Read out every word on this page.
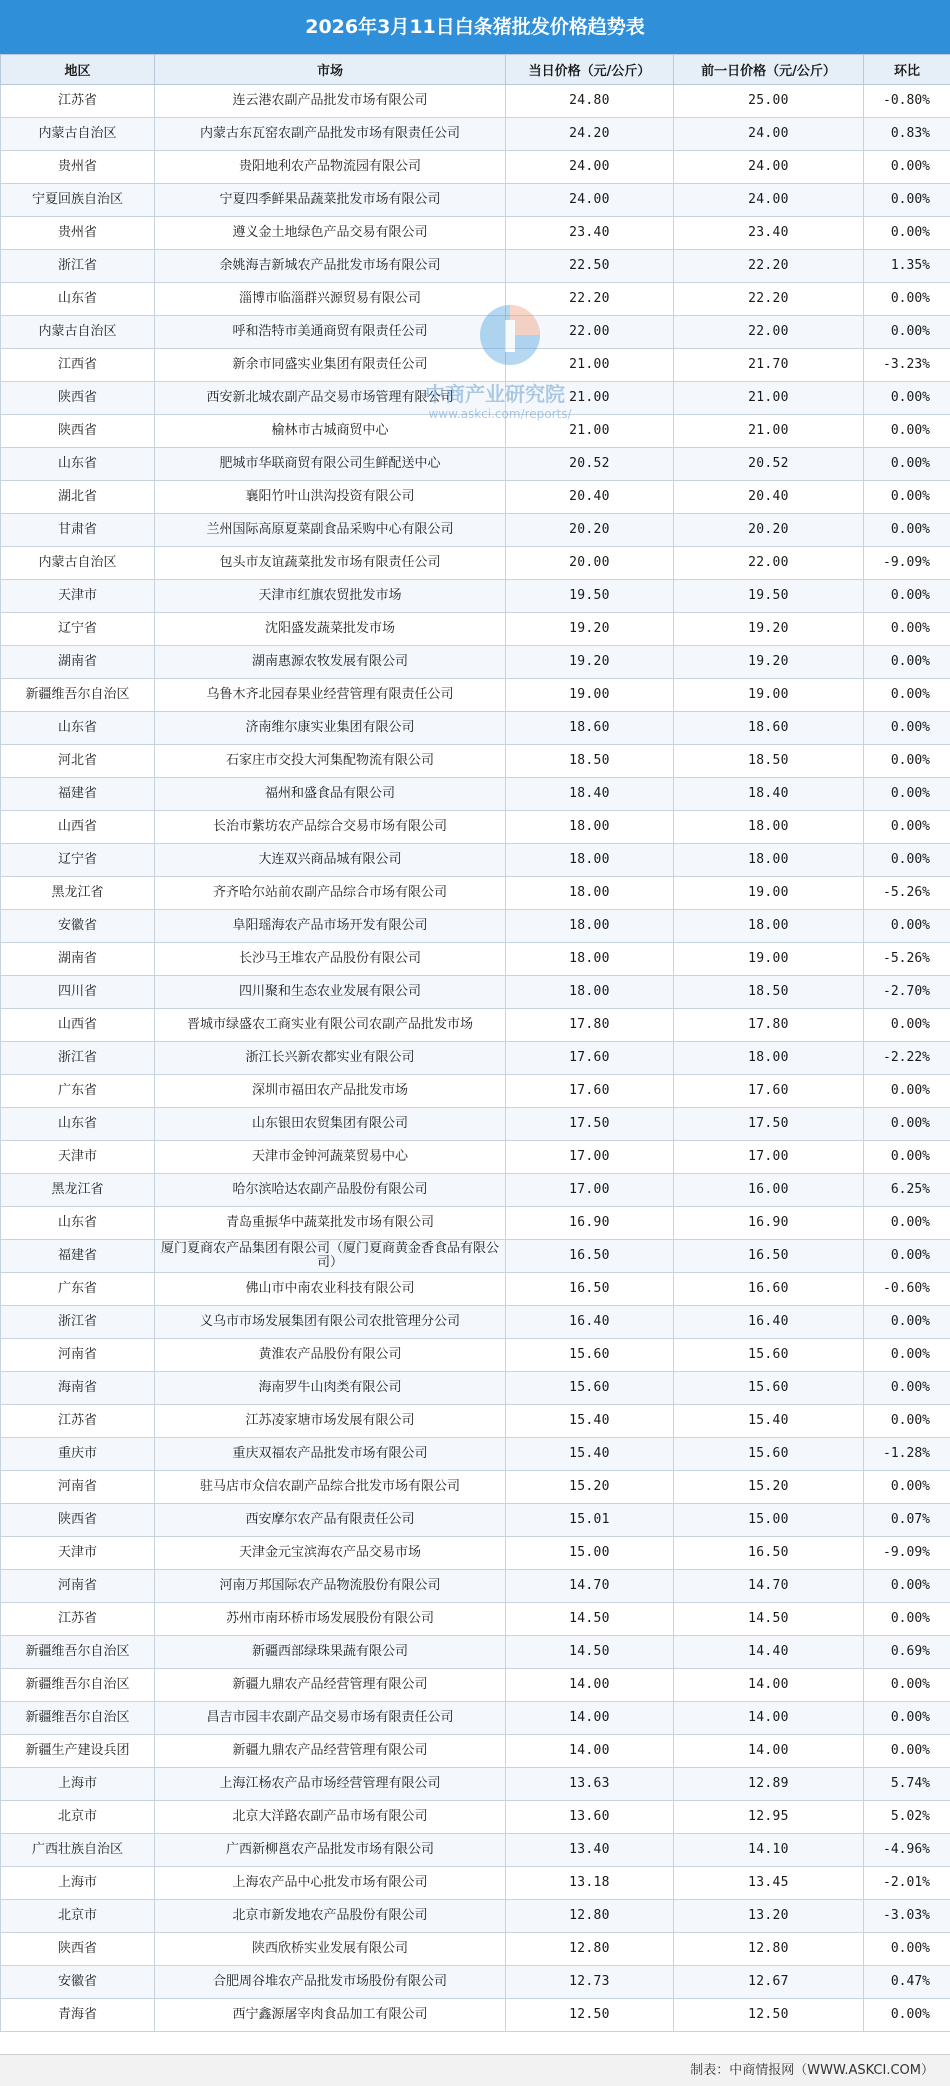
2026年3月11日白条猪批发价格趋势表
地区	市场	当日价格（元/公斤）	前一日价格（元/公斤）	环比
江苏省	连云港农副产品批发市场有限公司	24.80	25.00	-0.80%
内蒙古自治区	内蒙古东瓦窑农副产品批发市场有限责任公司	24.20	24.00	0.83%
贵州省	贵阳地利农产品物流园有限公司	24.00	24.00	0.00%
宁夏回族自治区	宁夏四季鲜果品蔬菜批发市场有限公司	24.00	24.00	0.00%
贵州省	遵义金土地绿色产品交易有限公司	23.40	23.40	0.00%
浙江省	余姚海吉新城农产品批发市场有限公司	22.50	22.20	1.35%
山东省	淄博市临淄群兴源贸易有限公司	22.20	22.20	0.00%
内蒙古自治区	呼和浩特市美通商贸有限责任公司	22.00	22.00	0.00%
江西省	新余市同盛实业集团有限责任公司	21.00	21.70	-3.23%
陕西省	西安新北城农副产品交易市场管理有限公司	21.00	21.00	0.00%
陕西省	榆林市古城商贸中心	21.00	21.00	0.00%
山东省	肥城市华联商贸有限公司生鲜配送中心	20.52	20.52	0.00%
湖北省	襄阳竹叶山洪沟投资有限公司	20.40	20.40	0.00%
甘肃省	兰州国际高原夏菜副食品采购中心有限公司	20.20	20.20	0.00%
内蒙古自治区	包头市友谊蔬菜批发市场有限责任公司	20.00	22.00	-9.09%
天津市	天津市红旗农贸批发市场	19.50	19.50	0.00%
辽宁省	沈阳盛发蔬菜批发市场	19.20	19.20	0.00%
湖南省	湖南惠源农牧发展有限公司	19.20	19.20	0.00%
新疆维吾尔自治区	乌鲁木齐北园春果业经营管理有限责任公司	19.00	19.00	0.00%
山东省	济南维尔康实业集团有限公司	18.60	18.60	0.00%
河北省	石家庄市交投大河集配物流有限公司	18.50	18.50	0.00%
福建省	福州和盛食品有限公司	18.40	18.40	0.00%
山西省	长治市紫坊农产品综合交易市场有限公司	18.00	18.00	0.00%
辽宁省	大连双兴商品城有限公司	18.00	18.00	0.00%
黑龙江省	齐齐哈尔站前农副产品综合市场有限公司	18.00	19.00	-5.26%
安徽省	阜阳瑶海农产品市场开发有限公司	18.00	18.00	0.00%
湖南省	长沙马王堆农产品股份有限公司	18.00	19.00	-5.26%
四川省	四川聚和生态农业发展有限公司	18.00	18.50	-2.70%
山西省	晋城市绿盛农工商实业有限公司农副产品批发市场	17.80	17.80	0.00%
浙江省	浙江长兴新农都实业有限公司	17.60	18.00	-2.22%
广东省	深圳市福田农产品批发市场	17.60	17.60	0.00%
山东省	山东银田农贸集团有限公司	17.50	17.50	0.00%
天津市	天津市金钟河蔬菜贸易中心	17.00	17.00	0.00%
黑龙江省	哈尔滨哈达农副产品股份有限公司	17.00	16.00	6.25%
山东省	青岛重振华中蔬菜批发市场有限公司	16.90	16.90	0.00%
福建省	厦门夏商农产品集团有限公司（厦门夏商黄金香食品有限公司）	16.50	16.50	0.00%
广东省	佛山市中南农业科技有限公司	16.50	16.60	-0.60%
浙江省	义乌市市场发展集团有限公司农批管理分公司	16.40	16.40	0.00%
河南省	黄淮农产品股份有限公司	15.60	15.60	0.00%
海南省	海南罗牛山肉类有限公司	15.60	15.60	0.00%
江苏省	江苏凌家塘市场发展有限公司	15.40	15.40	0.00%
重庆市	重庆双福农产品批发市场有限公司	15.40	15.60	-1.28%
河南省	驻马店市众信农副产品综合批发市场有限公司	15.20	15.20	0.00%
陕西省	西安摩尔农产品有限责任公司	15.01	15.00	0.07%
天津市	天津金元宝滨海农产品交易市场	15.00	16.50	-9.09%
河南省	河南万邦国际农产品物流股份有限公司	14.70	14.70	0.00%
江苏省	苏州市南环桥市场发展股份有限公司	14.50	14.50	0.00%
新疆维吾尔自治区	新疆西部绿珠果蔬有限公司	14.50	14.40	0.69%
新疆维吾尔自治区	新疆九鼎农产品经营管理有限公司	14.00	14.00	0.00%
新疆维吾尔自治区	昌吉市园丰农副产品交易市场有限责任公司	14.00	14.00	0.00%
新疆生产建设兵团	新疆九鼎农产品经营管理有限公司	14.00	14.00	0.00%
上海市	上海江杨农产品市场经营管理有限公司	13.63	12.89	5.74%
北京市	北京大洋路农副产品市场有限公司	13.60	12.95	5.02%
广西壮族自治区	广西新柳邕农产品批发市场有限公司	13.40	14.10	-4.96%
上海市	上海农产品中心批发市场有限公司	13.18	13.45	-2.01%
北京市	北京市新发地农产品股份有限公司	12.80	13.20	-3.03%
陕西省	陕西欣桥实业发展有限公司	12.80	12.80	0.00%
安徽省	合肥周谷堆农产品批发市场股份有限公司	12.73	12.67	0.47%
青海省	西宁鑫源屠宰肉食品加工有限公司	12.50	12.50	0.00%
中商产业研究院
www.askci.com/reports/
制表：中商情报网（WWW.ASKCI.COM）
